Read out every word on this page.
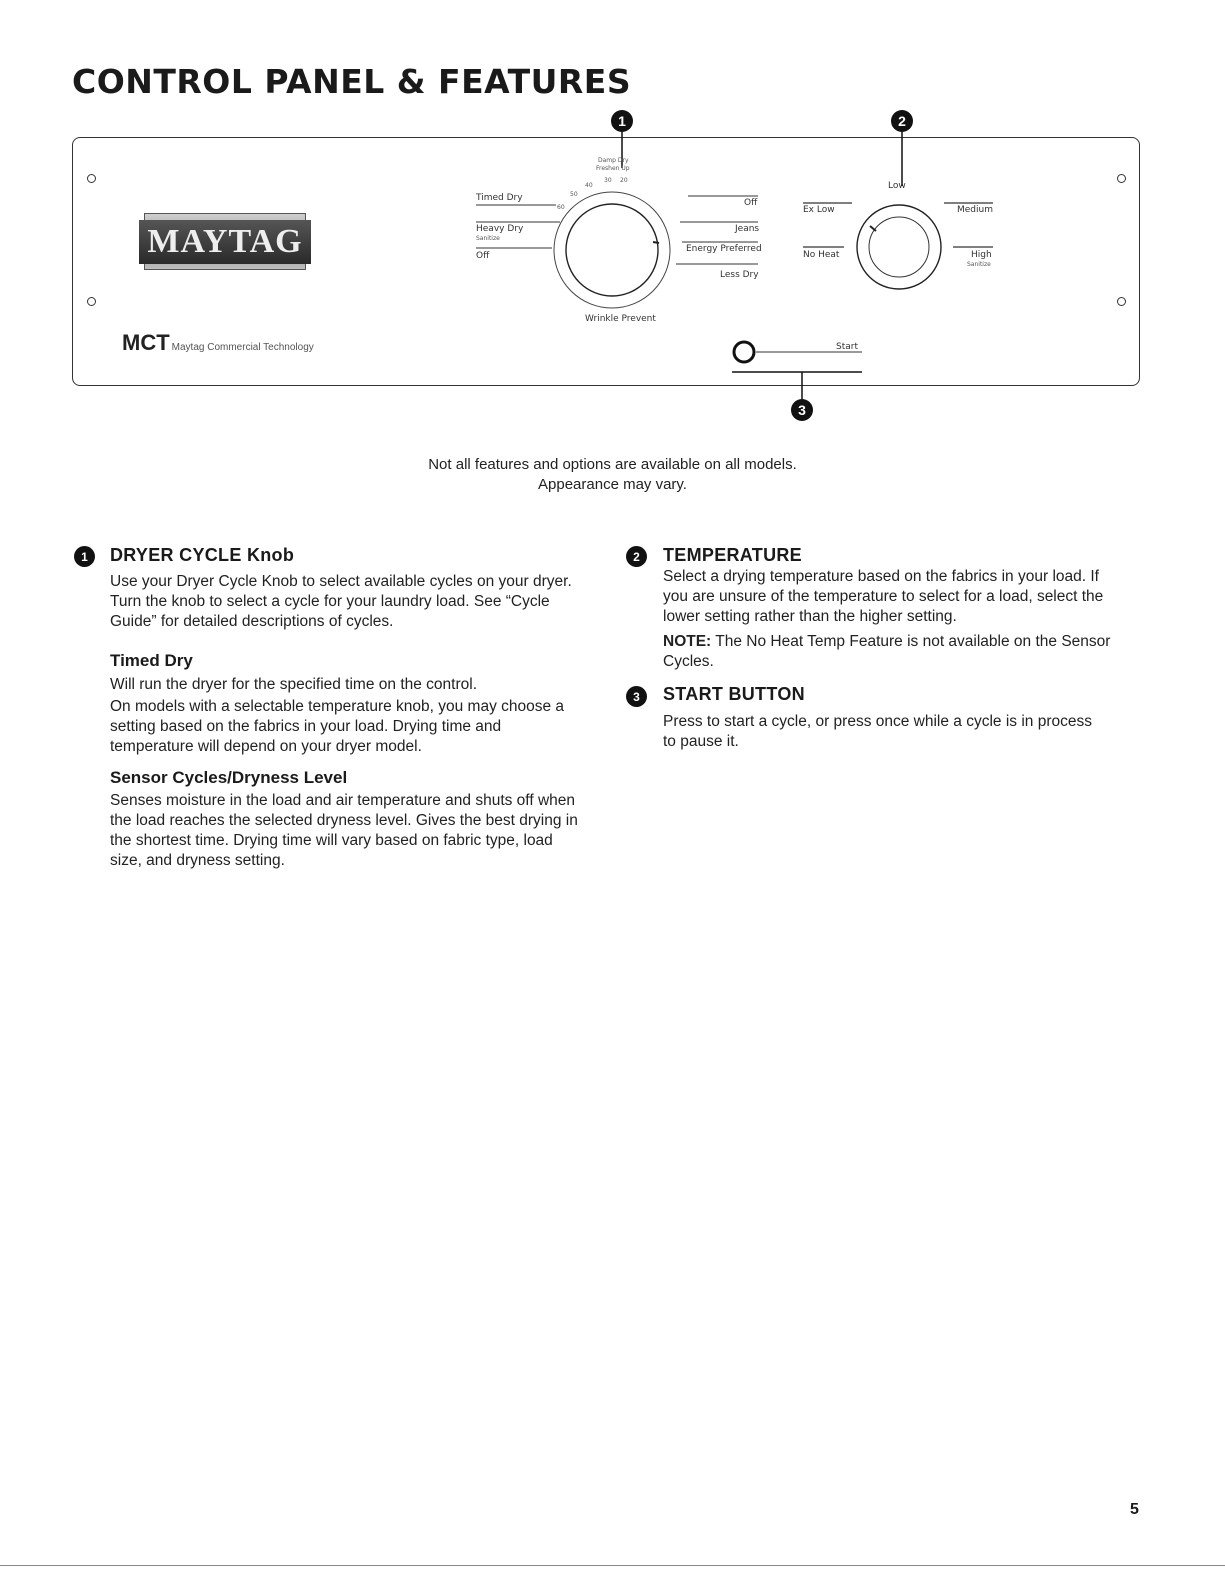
CONTROL PANEL & FEATURES
MAYTAG
MCT Maytag Commercial Technology
Damp Dry
Freshen Up
60
50
40
30 20
Timed Dry
Heavy Dry
Sanitize
Off
Off
Jeans
Energy Preferred
Less Dry
Wrinkle Prevent
Low
Ex Low
No Heat
Medium
High
Sanitize
Start
1	2
3
Not all features and options are available on all models.
Appearance may vary.
1	DRYER CYCLE Knob
Use your Dryer Cycle Knob to select available cycles on your dryer. Turn the knob to select a cycle for your laundry load. See “Cycle Guide” for detailed descriptions of cycles.
Timed Dry
Will run the dryer for the specified time on the control.
On models with a selectable temperature knob, you may choose a setting based on the fabrics in your load. Drying time and temperature will depend on your dryer model.
Sensor Cycles/Dryness Level
Senses moisture in the load and air temperature and shuts off when the load reaches the selected dryness level. Gives the best drying in the shortest time. Drying time will vary based on fabric type, load size, and dryness setting.
2	TEMPERATURE
Select a drying temperature based on the fabrics in your load. If you are unsure of the temperature to select for a load, select the lower setting rather than the higher setting.
NOTE: The No Heat Temp Feature is not available on the Sensor Cycles.
3	START BUTTON
Press to start a cycle, or press once while a cycle is in process to pause it.
5
